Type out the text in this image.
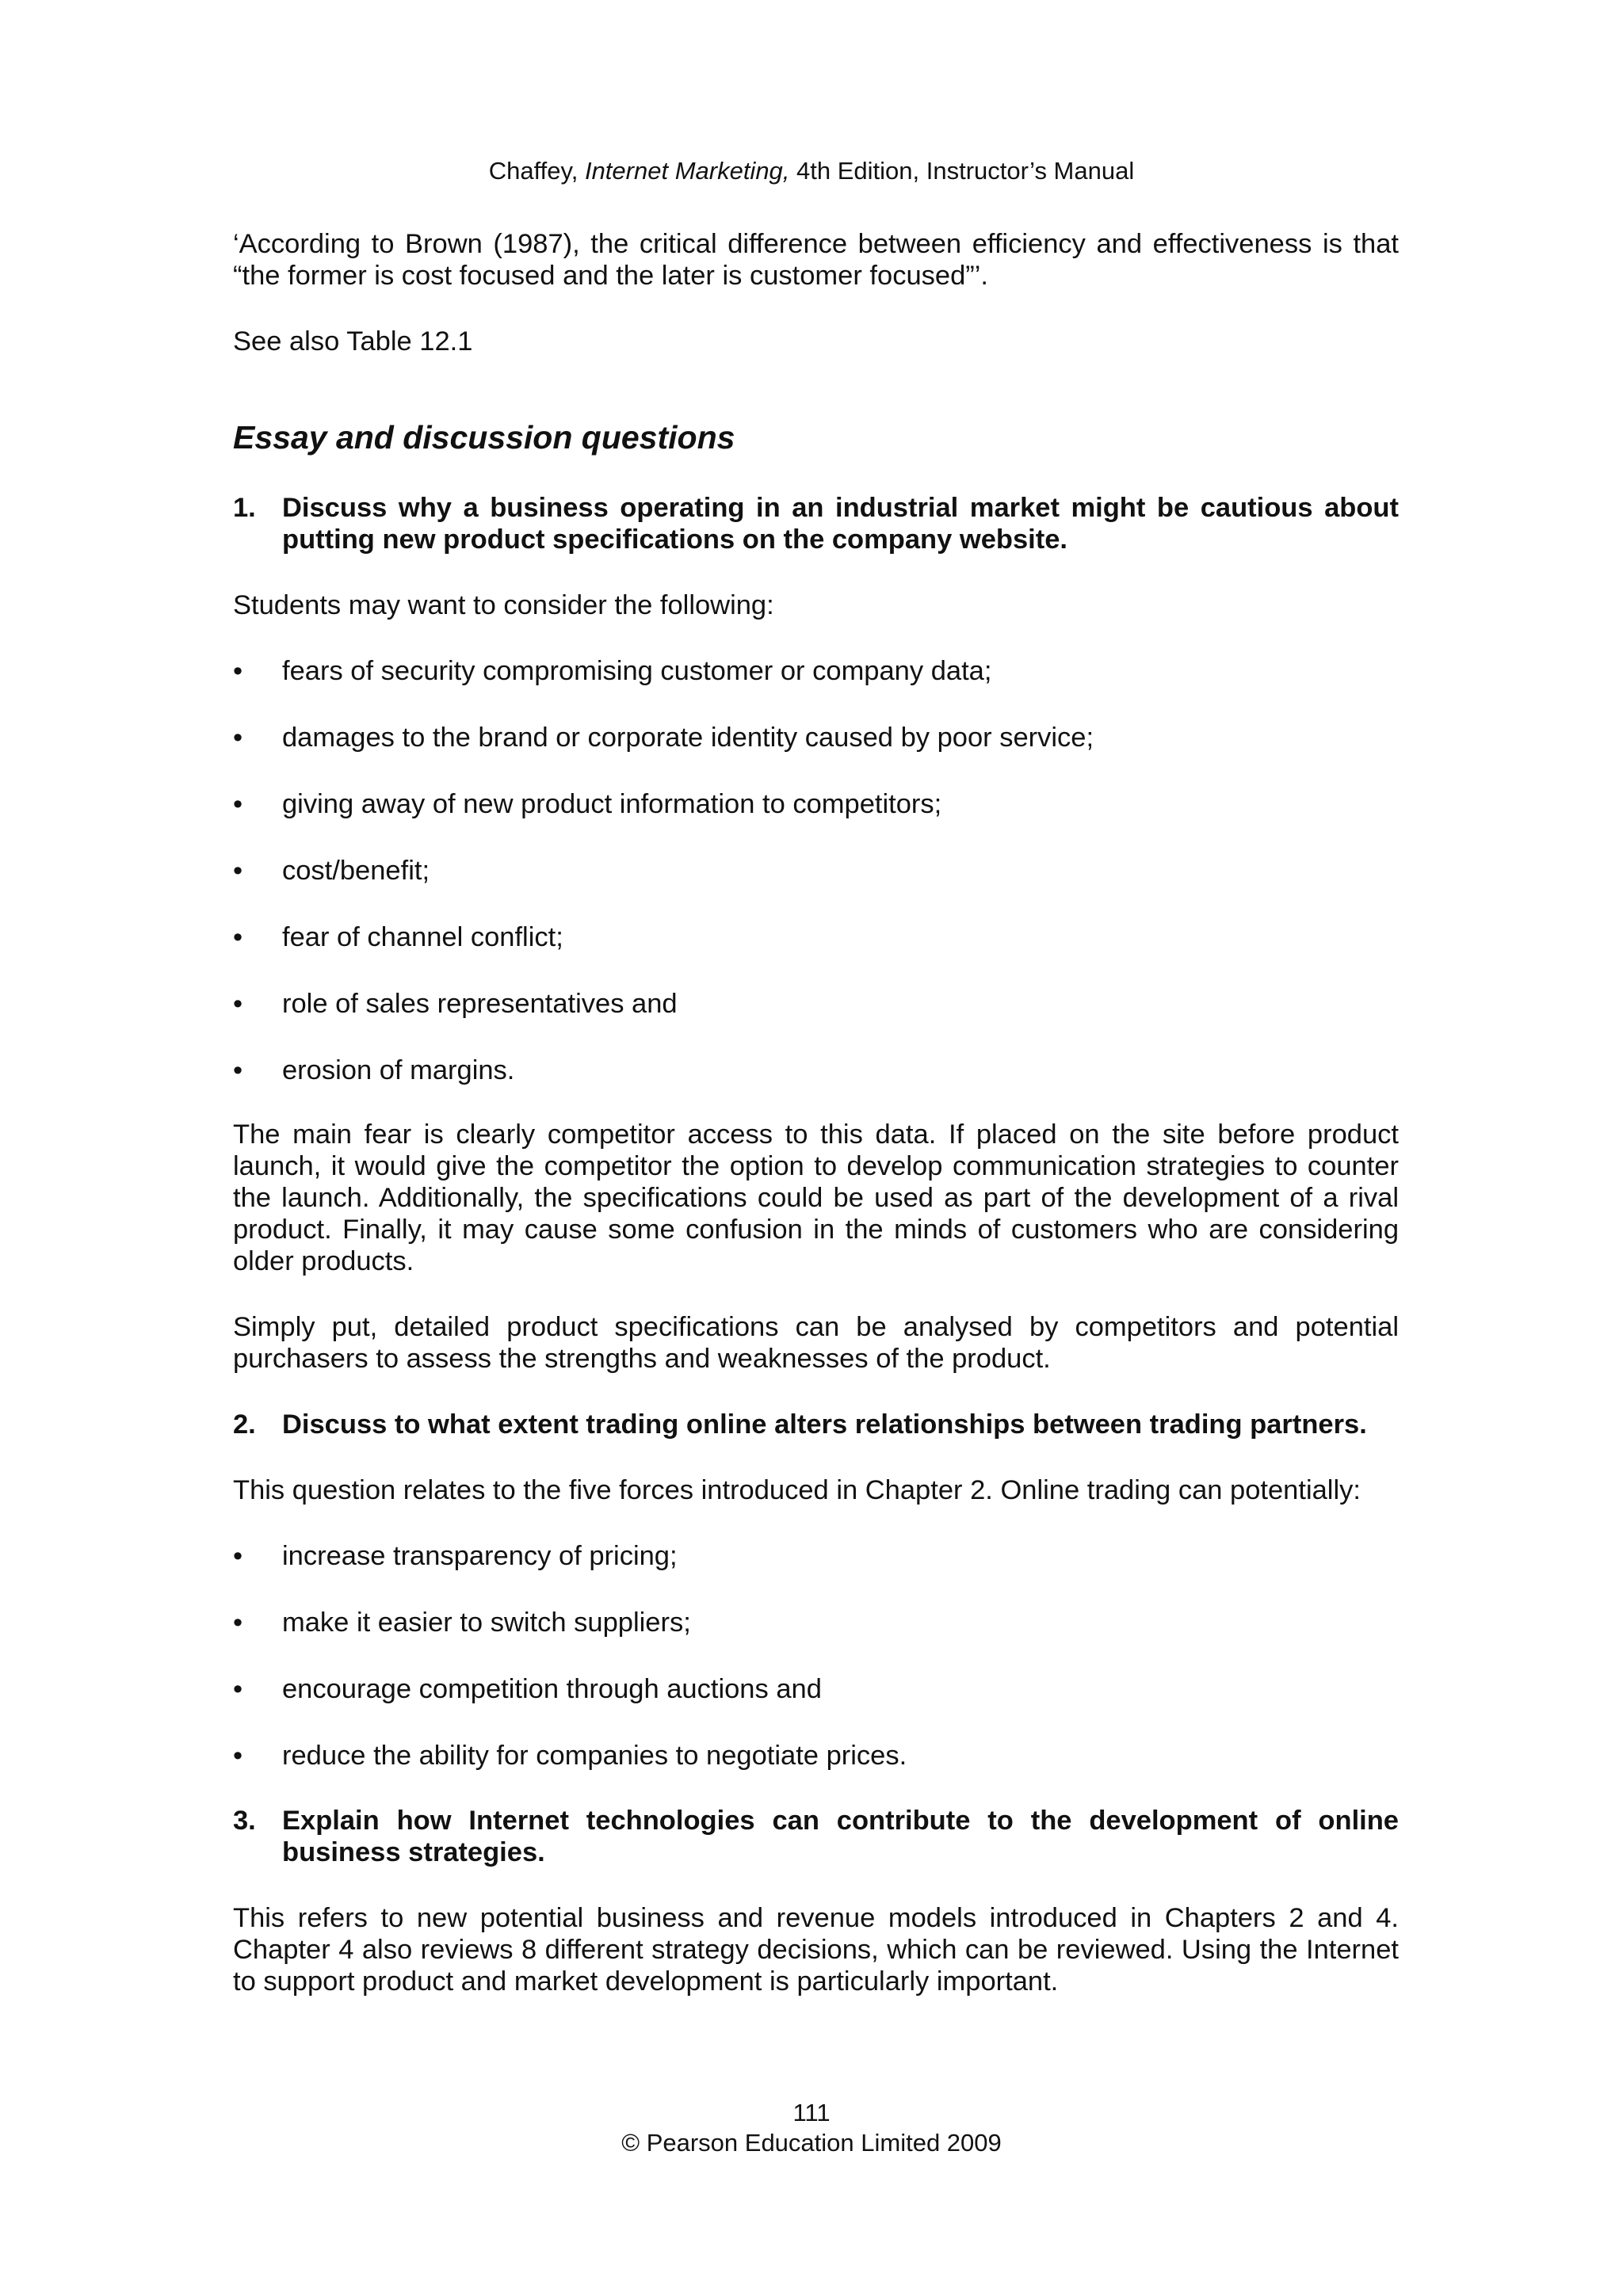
Chaffey, Internet Marketing, 4th Edition, Instructor’s Manual

‘According to Brown (1987), the critical difference between efficiency and effectiveness is that “the former is cost focused and the later is customer focused”’.

See also Table 12.1

Essay and discussion questions
1. Discuss why a business operating in an industrial market might be cautious about putting new product specifications on the company website.

Students may want to consider the following:

•	fears of security compromising customer or company data;
•	damages to the brand or corporate identity caused by poor service;
•	giving away of new product information to competitors;
•	cost/benefit;
•	fear of channel conflict;
•	role of sales representatives and
•	erosion of margins.

The main fear is clearly competitor access to this data. If placed on the site before product launch, it would give the competitor the option to develop communication strategies to counter the launch. Additionally, the specifications could be used as part of the development of a rival product. Finally, it may cause some confusion in the minds of customers who are considering older products.

Simply put, detailed product specifications can be analysed by competitors and potential purchasers to assess the strengths and weaknesses of the product.

2. Discuss to what extent trading online alters relationships between trading partners.

This question relates to the five forces introduced in Chapter 2. Online trading can potentially:

•	increase transparency of pricing;
•	make it easier to switch suppliers;
•	encourage competition through auctions and
•	reduce the ability for companies to negotiate prices.
3. Explain how Internet technologies can contribute to the development of online business strategies.

This refers to new potential business and revenue models introduced in Chapters 2 and 4. Chapter 4 also reviews 8 different strategy decisions, which can be reviewed. Using the Internet to support product and market development is particularly important.

111
© Pearson Education Limited 2009
